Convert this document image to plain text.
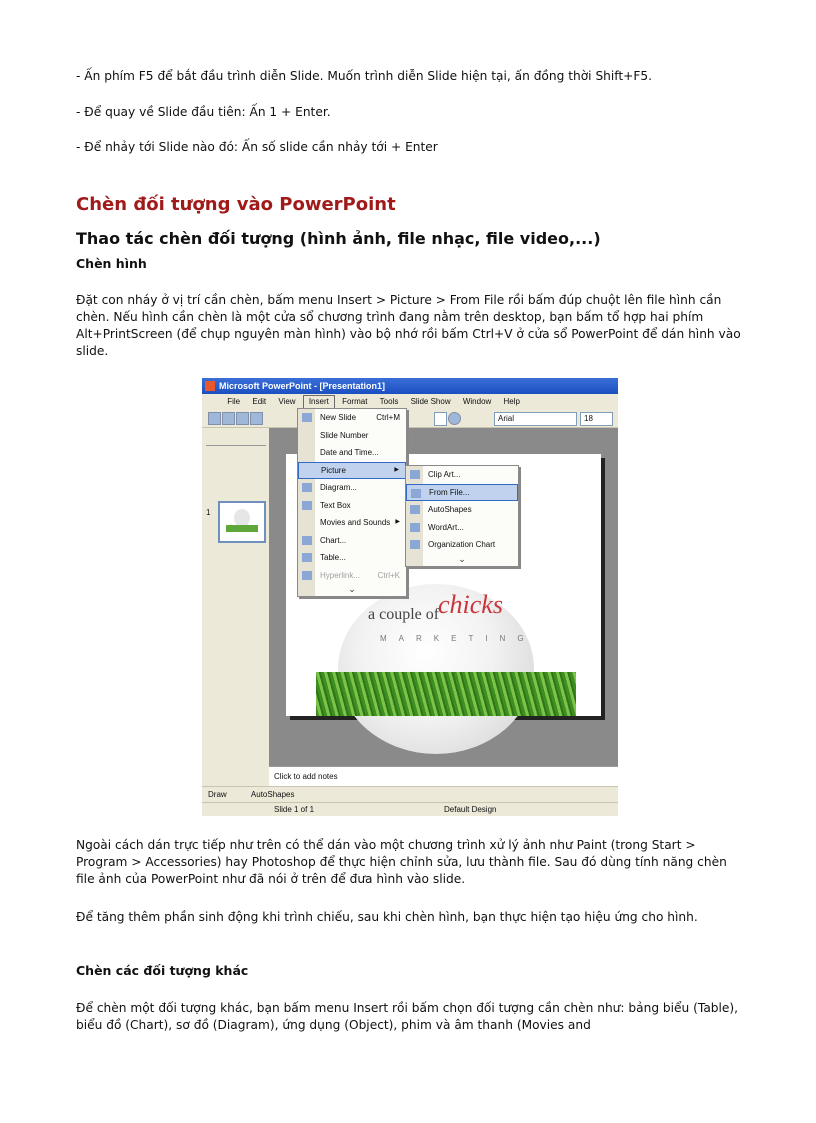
- Ấn phím F5 để bắt đầu trình diễn Slide. Muốn trình diễn Slide hiện tại, ấn đồng thời Shift+F5.

- Để quay về Slide đầu tiên: Ấn 1 + Enter.

- Để nhảy tới Slide nào đó: Ấn số slide cần nhảy tới + Enter

Chèn đối tượng vào PowerPoint
Thao tác chèn đối tượng (hình ảnh, file nhạc, file video,...)
Chèn hình

Đặt con nháy ở vị trí cần chèn, bấm menu Insert > Picture > From File rồi bấm đúp chuột lên file hình cần chèn. Nếu hình cần chèn là một cửa sổ chương trình đang nằm trên desktop, bạn bấm tổ hợp hai phím Alt+PrintScreen (để chụp nguyên màn hình) vào bộ nhớ rồi bấm Ctrl+V ở cửa sổ PowerPoint để dán hình vào slide.

Microsoft PowerPoint - [Presentation1]
File Edit View Insert Format Tools Slide Show Window Help
Arial	18
1
a couple of
chicks
MARKETING
Click to add notes
Draw	AutoShapes
Slide 1 of 1	Default Design
New Slide	Ctrl+M
Slide Number
Date and Time...
Picture	▶
Diagram...
Text Box
Movies and Sounds ▶
Chart...
Table...
Hyperlink... Ctrl+K
⌄
Clip Art...
From File...
AutoShapes
WordArt...
Organization Chart
⌄

Ngoài cách dán trực tiếp như trên có thể dán vào một chương trình xử lý ảnh như Paint (trong Start > Program > Accessories) hay Photoshop để thực hiện chỉnh sửa, lưu thành file. Sau đó dùng tính năng chèn file ảnh của PowerPoint như đã nói ở trên để đưa hình vào slide.

Để tăng thêm phần sinh động khi trình chiếu, sau khi chèn hình, bạn thực hiện tạo hiệu ứng cho hình.

Chèn các đối tượng khác

Để chèn một đối tượng khác, bạn bấm menu Insert rồi bấm chọn đối tượng cần chèn như: bảng biểu (Table), biểu đồ (Chart), sơ đồ (Diagram), ứng dụng (Object), phim và âm thanh (Movies and
